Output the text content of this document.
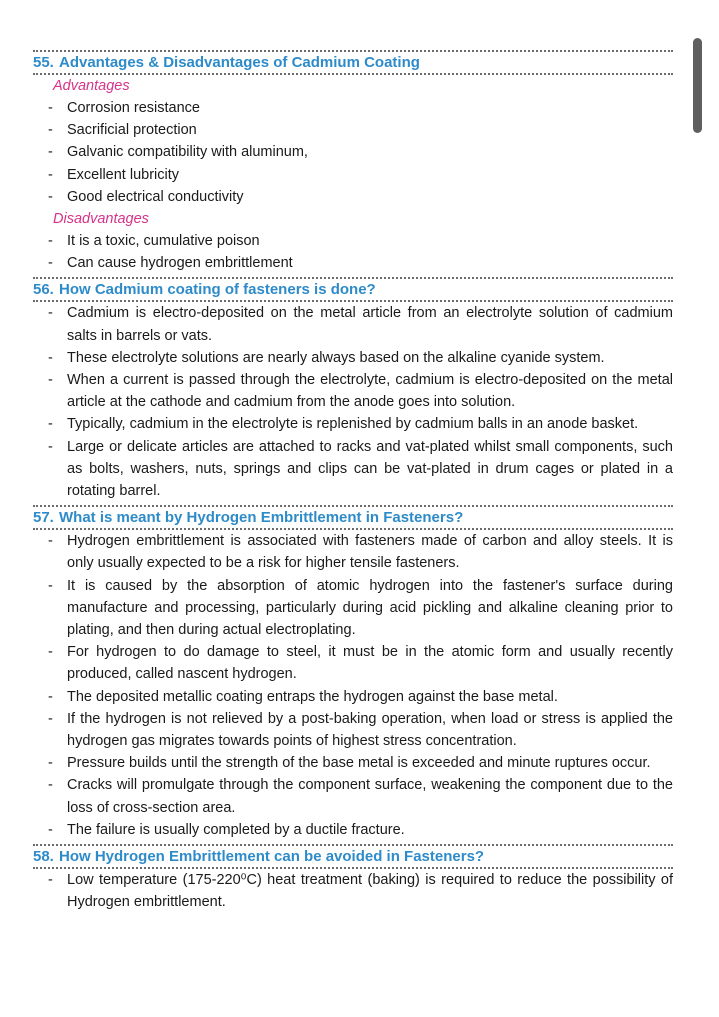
55. Advantages & Disadvantages of Cadmium Coating
Advantages
- Corrosion resistance
- Sacrificial protection
- Galvanic compatibility with aluminum,
- Excellent lubricity
- Good electrical conductivity
Disadvantages
- It is a toxic, cumulative poison
- Can cause hydrogen embrittlement
56. How Cadmium coating of fasteners is done?
- Cadmium is electro-deposited on the metal article from an electrolyte solution of cadmium salts in barrels or vats.
- These electrolyte solutions are nearly always based on the alkaline cyanide system.
- When a current is passed through the electrolyte, cadmium is electro-deposited on the metal article at the cathode and cadmium from the anode goes into solution.
- Typically, cadmium in the electrolyte is replenished by cadmium balls in an anode basket.
- Large or delicate articles are attached to racks and vat-plated whilst small components, such as bolts, washers, nuts, springs and clips can be vat-plated in drum cages or plated in a rotating barrel.
57. What is meant by Hydrogen Embrittlement in Fasteners?
- Hydrogen embrittlement is associated with fasteners made of carbon and alloy steels. It is only usually expected to be a risk for higher tensile fasteners.
- It is caused by the absorption of atomic hydrogen into the fastener's surface during manufacture and processing, particularly during acid pickling and alkaline cleaning prior to plating, and then during actual electroplating.
- For hydrogen to do damage to steel, it must be in the atomic form and usually recently produced, called nascent hydrogen.
- The deposited metallic coating entraps the hydrogen against the base metal.
- If the hydrogen is not relieved by a post-baking operation, when load or stress is applied the hydrogen gas migrates towards points of highest stress concentration.
- Pressure builds until the strength of the base metal is exceeded and minute ruptures occur.
- Cracks will promulgate through the component surface, weakening the component due to the loss of cross-section area.
- The failure is usually completed by a ductile fracture.
58. How Hydrogen Embrittlement can be avoided in Fasteners?
- Low temperature (175-220⁰C) heat treatment (baking) is required to reduce the possibility of Hydrogen embrittlement.
